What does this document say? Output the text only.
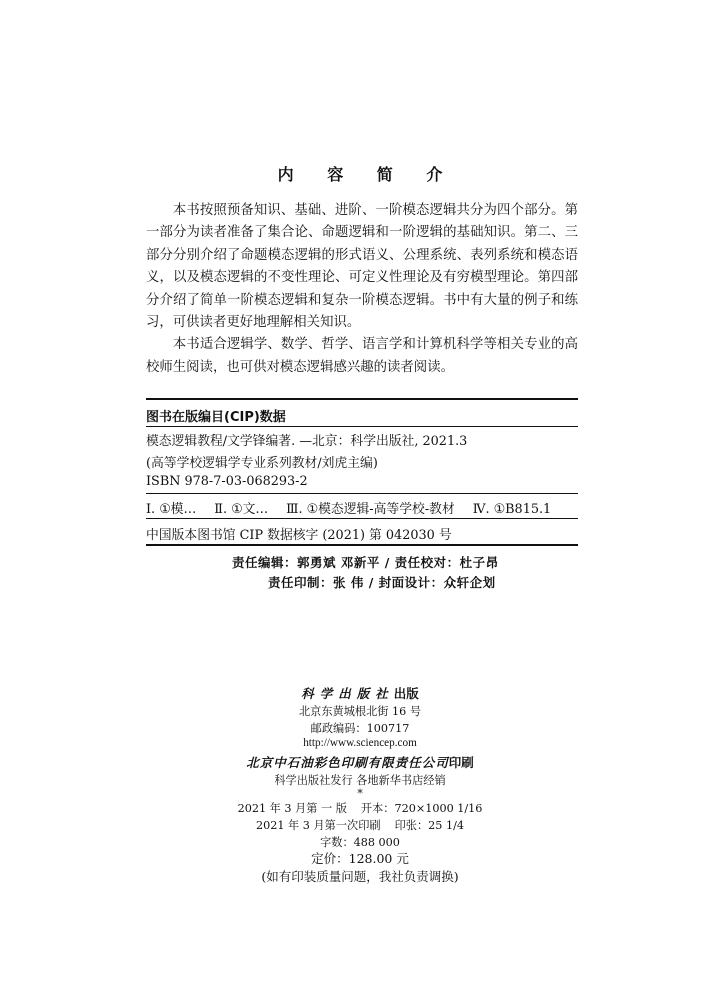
内 容 简 介

本书按照预备知识、基础、进阶、一阶模态逻辑共分为四个部分。第一部分为读者准备了集合论、命题逻辑和一阶逻辑的基础知识。第二、三部分分别介绍了命题模态逻辑的形式语义、公理系统、表列系统和模态语义，以及模态逻辑的不变性理论、可定义性理论及有穷模型理论。第四部分介绍了简单一阶模态逻辑和复杂一阶模态逻辑。书中有大量的例子和练习，可供读者更好地理解相关知识。

本书适合逻辑学、数学、哲学、语言学和计算机科学等相关专业的高校师生阅读，也可供对模态逻辑感兴趣的读者阅读。

图书在版编目(CIP)数据
模态逻辑教程/文学锋编著. —北京：科学出版社, 2021.3
(高等学校逻辑学专业系列教材/刘虎主编)
ISBN 978-7-03-068293-2
Ⅰ. ①模… Ⅱ. ①文… Ⅲ. ①模态逻辑-高等学校-教材 Ⅳ. ①B815.1
中国版本图书馆 CIP 数据核字 (2021) 第 042030 号
责任编辑：郭勇斌 邓新平 / 责任校对：杜子昂
责任印制：张 伟 / 封面设计：众轩企划
科学出版社出版
北京东黄城根北街 16 号
邮政编码：100717
http://www.sciencep.com
北京中石油彩色印刷有限责任公司印刷
科学出版社发行 各地新华书店经销
*
2021 年 3 月第 一 版 开本：720×1000 1/16
2021 年 3 月第一次印刷 印张：25 1/4
字数：488 000
定价：128.00 元
(如有印装质量问题，我社负责调换)
